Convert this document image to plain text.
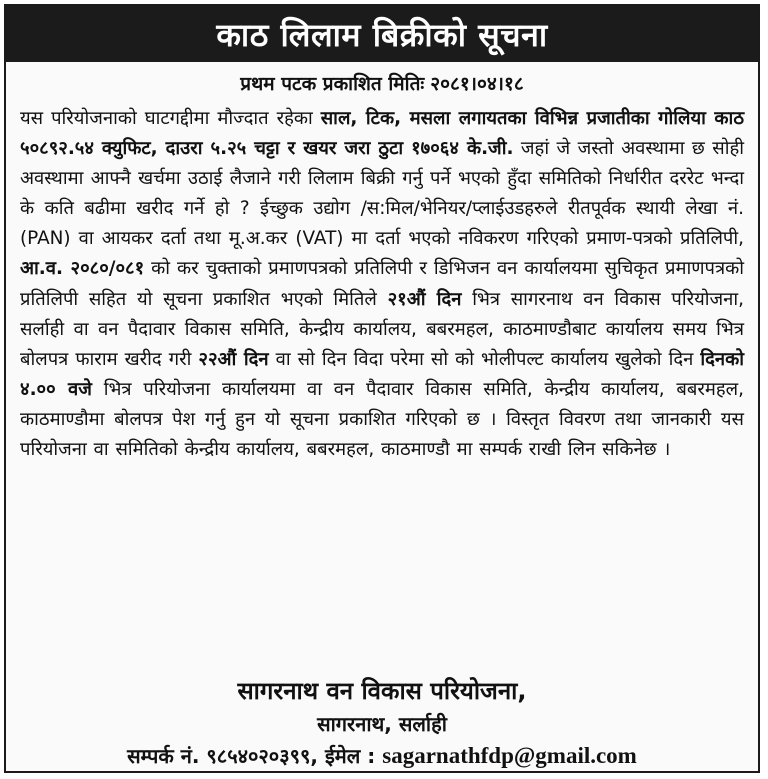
काठ लिलाम बिक्रीको सूचना
प्रथम पटक प्रकाशित मितिः २०८१।०४।१८
यस परियोजनाको घाटगद्दीमा मौज्दात रहेका साल, टिक, मसला लगायतका विभिन्न प्रजातीका गोलिया काठ ५०८९२.५४ क्युफिट, दाउरा ५.२५ चट्टा र खयर जरा ठुटा १७०६४ के.जी. जहां जे जस्तो अवस्थामा छ सोही अवस्थामा आफ्नै खर्चमा उठाई लैजाने गरी लिलाम बिक्री गर्नु पर्ने भएको हुँदा समितिको निर्धारीत दररेट भन्दा के कति बढीमा खरीद गर्ने हो ? ईच्छुक उद्योग /स:मिल/भेनियर/प्लाईउडहरुले रीतपूर्वक स्थायी लेखा नं. (PAN) वा आयकर दर्ता तथा मू.अ.कर (VAT) मा दर्ता भएको नविकरण गरिएको प्रमाण-पत्रको प्रतिलिपी, आ.व. २०८०/०८१ को कर चुक्ताको प्रमाणपत्रको प्रतिलिपी र डिभिजन वन कार्यालयमा सुचिकृत प्रमाणपत्रको प्रतिलिपी सहित यो सूचना प्रकाशित भएको मितिले २१औं दिन भित्र सागरनाथ वन विकास परियोजना, सर्लाही वा वन पैदावार विकास समिति, केन्द्रीय कार्यालय, बबरमहल, काठमाण्डौबाट कार्यालय समय भित्र बोलपत्र फाराम खरीद गरी २२औं दिन वा सो दिन विदा परेमा सो को भोलीपल्ट कार्यालय खुलेको दिन दिनको ४.०० वजे भित्र परियोजना कार्यालयमा वा वन पैदावार विकास समिति, केन्द्रीय कार्यालय, बबरमहल, काठमाण्डौमा बोलपत्र पेश गर्नु हुन यो सूचना प्रकाशित गरिएको छ । विस्तृत विवरण तथा जानकारी यस परियोजना वा समितिको केन्द्रीय कार्यालय, बबरमहल, काठमाण्डौ मा सम्पर्क राखी लिन सकिनेछ ।
सागरनाथ वन विकास परियोजना,
सागरनाथ, सर्लाही
सम्पर्क नं. ९८५४०२०३९९, ईमेल : sagarnathfdp@gmail.com
